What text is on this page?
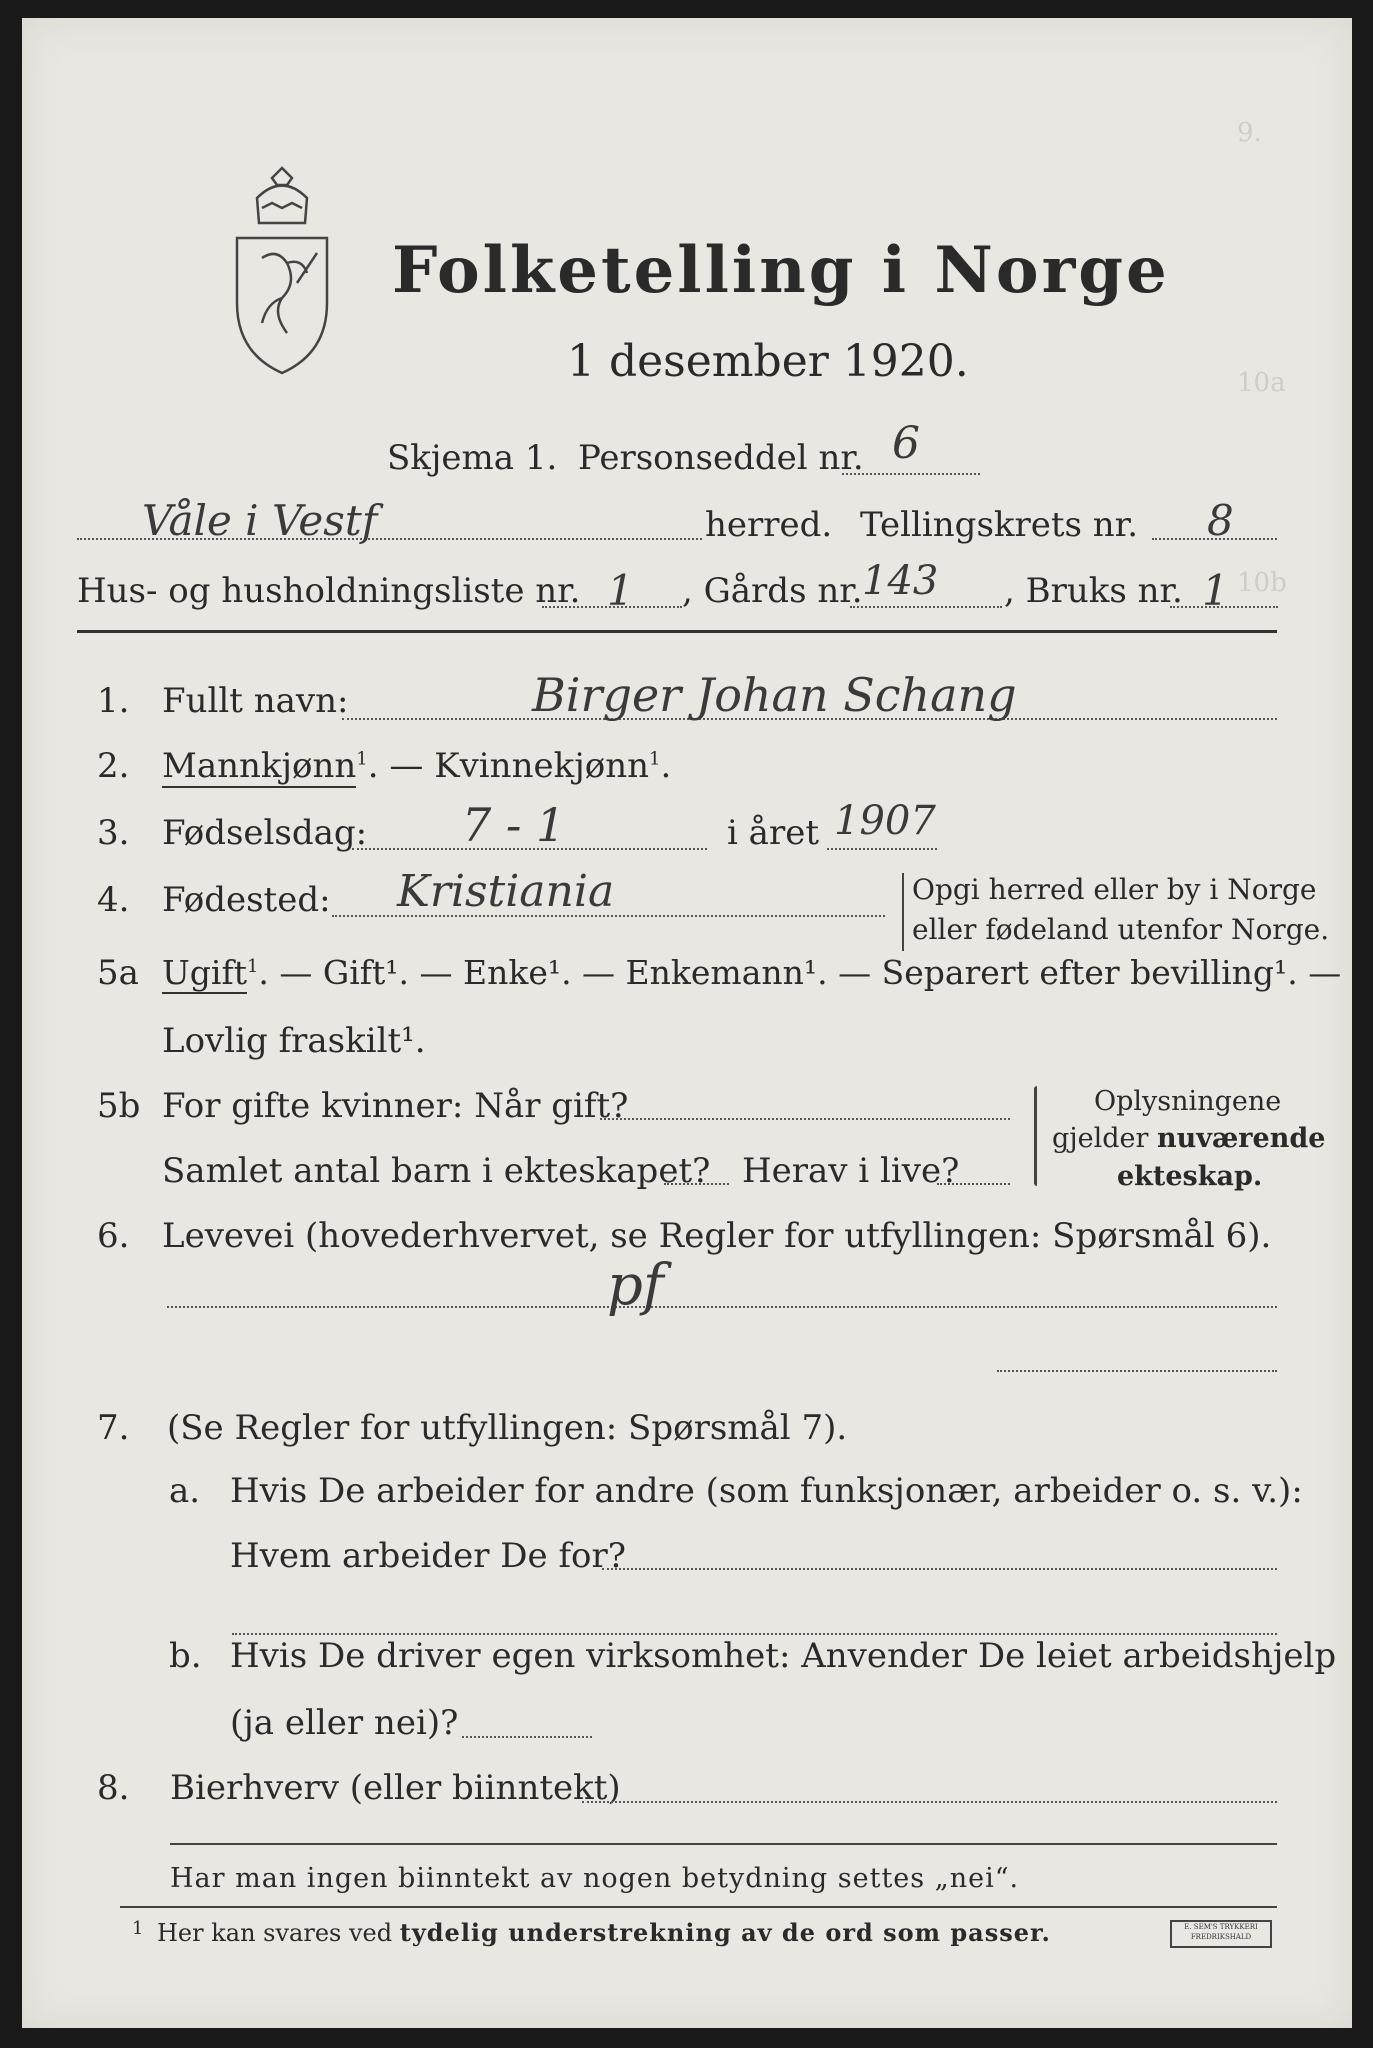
9.
10a
10b
Folketelling i Norge
1 desember 1920.
Skjema 1. Personseddel nr. 6
Våle i Vestf	herred. Tellingskrets nr. 8
Hus- og husholdningsliste nr. 1 , Gårds nr. 143 , Bruks nr. 1
1. Fullt navn:	Birger Johan Schang
2. Mannkjønn$^1$. — Kvinnekjønn$^1$.
3. Fødselsdag: 7 - 1	i året 1907
4. Fødested: Kristiania	Opgi herred eller by i Norge
eller fødeland utenfor Norge.
5a Ugift$^1$. — Gift¹. — Enke¹. — Enkemann¹. — Separert efter bevilling¹. —
Lovlig fraskilt¹.
5b For gifte kvinner: Når gift?
Samlet antal barn i ekteskapet? Herav i live?
Oplysningene
gjelder nuværende
ekteskap.
6. Levevei (hovederhvervet, se Regler for utfyllingen: Spørsmål 6).
pf
7. (Se Regler for utfyllingen: Spørsmål 7).
a. Hvis De arbeider for andre (som funksjonær, arbeider o. s. v.):
Hvem arbeider De for?
b. Hvis De driver egen virksomhet: Anvender De leiet arbeidshjelp
(ja eller nei)?
8. Bierhverv (eller biinntekt)
Har man ingen biinntekt av nogen betydning settes „nei“.
1 Her kan svares ved tydelig understrekning av de ord som passer.	E. SEM'S TRYKKERI FREDRIKSHALD
